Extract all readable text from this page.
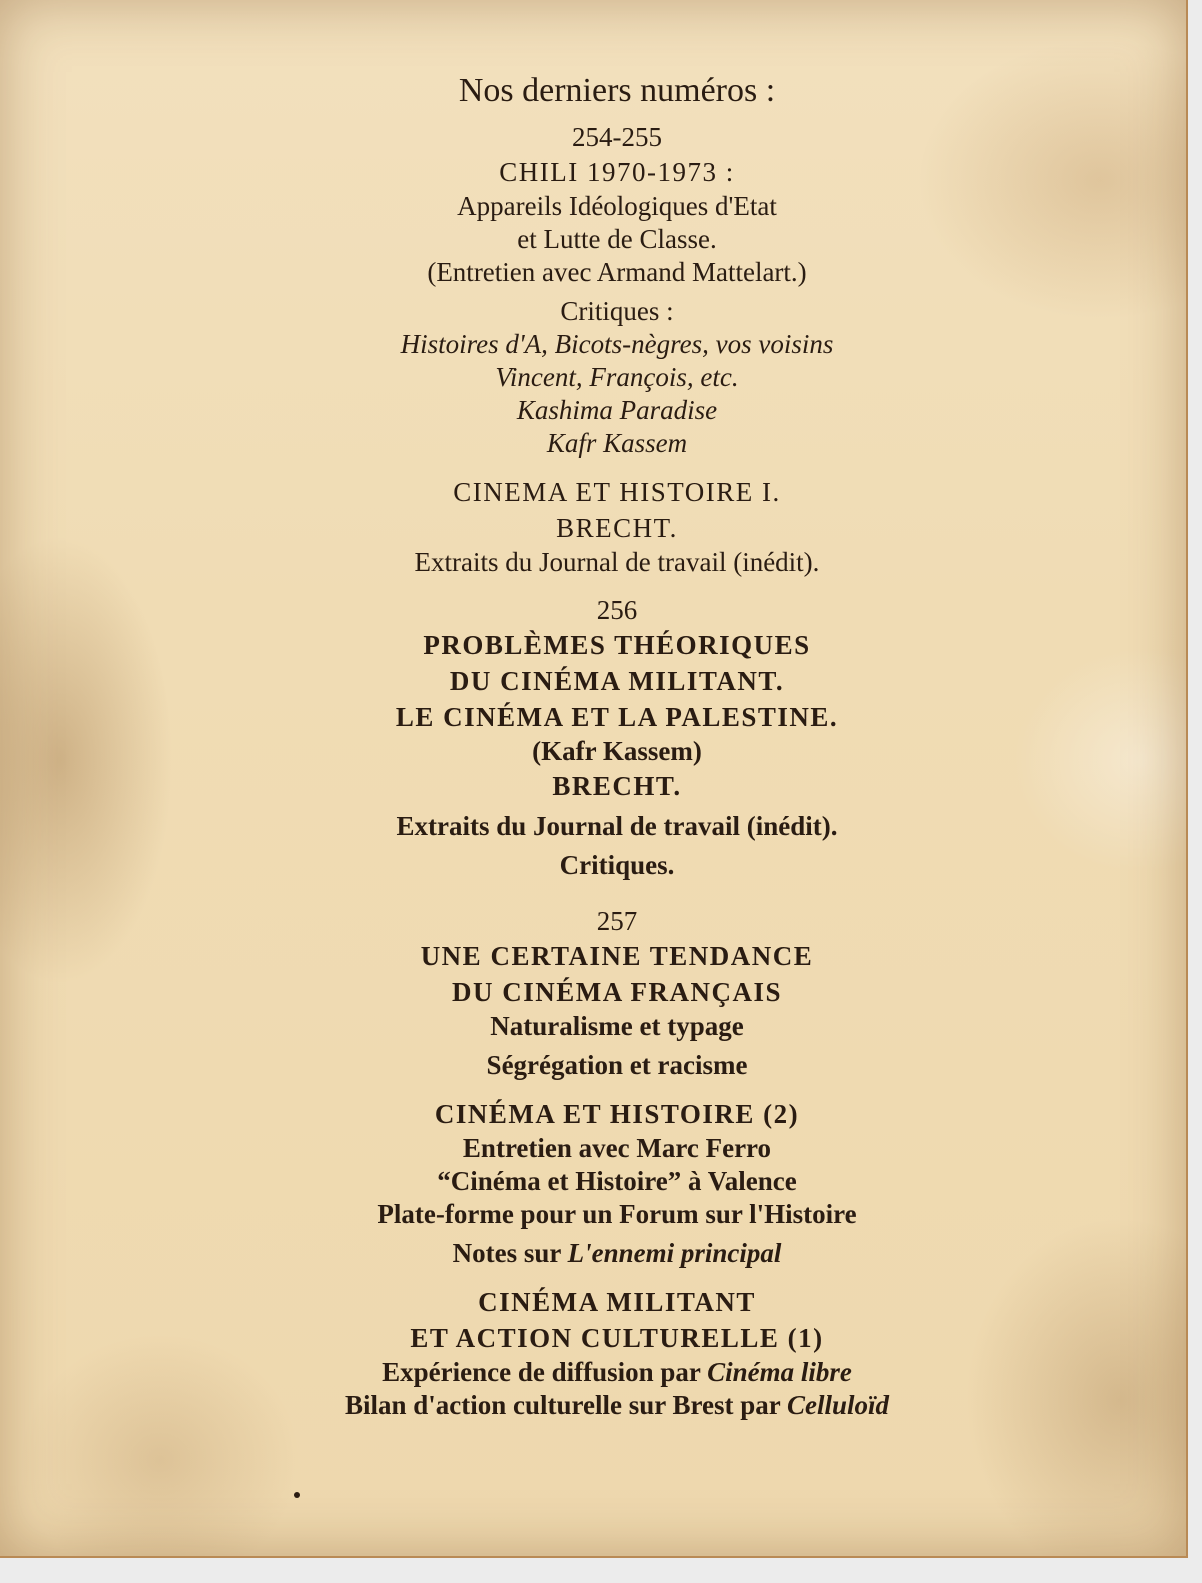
Nos derniers numéros :
254-255
CHILI 1970-1973 :
Appareils Idéologiques d'Etat
et Lutte de Classe.
(Entretien avec Armand Mattelart.)
Critiques :
Histoires d'A, Bicots-nègres, vos voisins
Vincent, François, etc.
Kashima Paradise
Kafr Kassem
CINEMA ET HISTOIRE I.
BRECHT.
Extraits du Journal de travail (inédit).
256
PROBLÈMES THÉORIQUES
DU CINÉMA MILITANT.
LE CINÉMA ET LA PALESTINE.
(Kafr Kassem)
BRECHT.
Extraits du Journal de travail (inédit).
Critiques.
257
UNE CERTAINE TENDANCE
DU CINÉMA FRANÇAIS
Naturalisme et typage
Ségrégation et racisme
CINÉMA ET HISTOIRE (2)
Entretien avec Marc Ferro
“Cinéma et Histoire” à Valence
Plate-forme pour un Forum sur l'Histoire
Notes sur L'ennemi principal
CINÉMA MILITANT
ET ACTION CULTURELLE (1)
Expérience de diffusion par Cinéma libre
Bilan d'action culturelle sur Brest par Celluloïd
